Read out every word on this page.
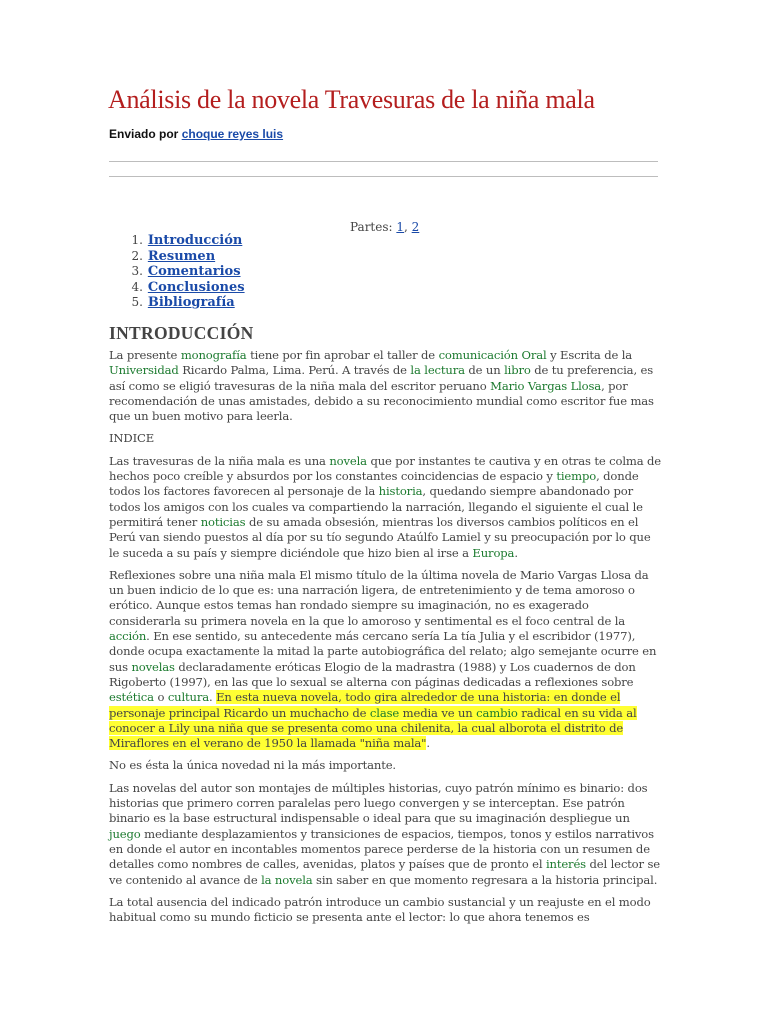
Análisis de la novela Travesuras de la niña mala
Enviado por choque reyes luis
Partes: 1, 2
1. Introducción
2. Resumen
3. Comentarios
4. Conclusiones
5. Bibliografía
INTRODUCCIÓN

La presente monografía tiene por fin aprobar el taller de comunicación Oral y Escrita de la Universidad Ricardo Palma, Lima. Perú. A través de la lectura de un libro de tu preferencia, es así como se eligió travesuras de la niña mala del escritor peruano Mario Vargas Llosa, por recomendación de unas amistades, debido a su reconocimiento mundial como escritor fue mas que un buen motivo para leerla.

INDICE

Las travesuras de la niña mala es una novela que por instantes te cautiva y en otras te colma de hechos poco creíble y absurdos por los constantes coincidencias de espacio y tiempo, donde todos los factores favorecen al personaje de la historia, quedando siempre abandonado por todos los amigos con los cuales va compartiendo la narración, llegando el siguiente el cual le permitirá tener noticias de su amada obsesión, mientras los diversos cambios políticos en el Perú van siendo puestos al día por su tío segundo Ataúlfo Lamiel y su preocupación por lo que le suceda a su país y siempre diciéndole que hizo bien al irse a Europa.

Reflexiones sobre una niña mala El mismo título de la última novela de Mario Vargas Llosa da un buen indicio de lo que es: una narración ligera, de entretenimiento y de tema amoroso o erótico. Aunque estos temas han rondado siempre su imaginación, no es exagerado considerarla su primera novela en la que lo amoroso y sentimental es el foco central de la acción. En ese sentido, su antecedente más cercano sería La tía Julia y el escribidor (1977), donde ocupa exactamente la mitad la parte autobiográfica del relato; algo semejante ocurre en sus novelas declaradamente eróticas Elogio de la madrastra (1988) y Los cuadernos de don Rigoberto (1997), en las que lo sexual se alterna con páginas dedicadas a reflexiones sobre estética o cultura. En esta nueva novela, todo gira alrededor de una historia: en donde el personaje principal Ricardo un muchacho de clase media ve un cambio radical en su vida al conocer a Lily una niña que se presenta como una chilenita, la cual alborota el distrito de Miraflores en el verano de 1950 la llamada "niña mala".

No es ésta la única novedad ni la más importante.

Las novelas del autor son montajes de múltiples historias, cuyo patrón mínimo es binario: dos historias que primero corren paralelas pero luego convergen y se interceptan. Ese patrón binario es la base estructural indispensable o ideal para que su imaginación despliegue un juego mediante desplazamientos y transiciones de espacios, tiempos, tonos y estilos narrativos en donde el autor en incontables momentos parece perderse de la historia con un resumen de detalles como nombres de calles, avenidas, platos y países que de pronto el interés del lector se ve contenido al avance de la novela sin saber en que momento regresara a la historia principal.

La total ausencia del indicado patrón introduce un cambio sustancial y un reajuste en el modo habitual como su mundo ficticio se presenta ante el lector: lo que ahora tenemos es
